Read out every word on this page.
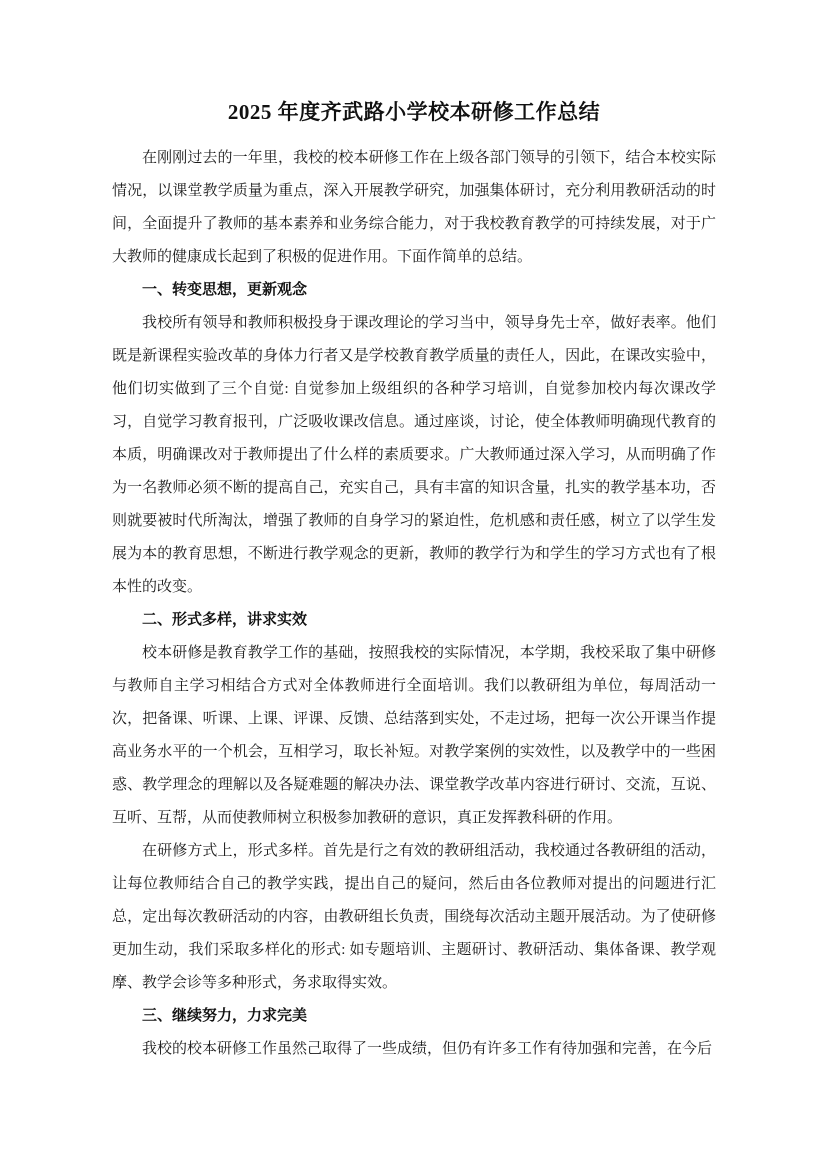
2025 年度齐武路小学校本研修工作总结

在刚刚过去的一年里，我校的校本研修工作在上级各部门领导的引领下，结合本校实际情况，以课堂教学质量为重点，深入开展教学研究，加强集体研讨，充分利用教研活动的时间，全面提升了教师的基本素养和业务综合能力，对于我校教育教学的可持续发展，对于广大教师的健康成长起到了积极的促进作用。下面作简单的总结。

一、转变思想，更新观念

我校所有领导和教师积极投身于课改理论的学习当中，领导身先士卒，做好表率。他们既是新课程实验改革的身体力行者又是学校教育教学质量的责任人，因此，在课改实验中，他们切实做到了三个自觉: 自觉参加上级组织的各种学习培训，自觉参加校内每次课改学习，自觉学习教育报刊，广泛吸收课改信息。通过座谈，讨论，使全体教师明确现代教育的本质，明确课改对于教师提出了什么样的素质要求。广大教师通过深入学习，从而明确了作为一名教师必须不断的提高自己，充实自己，具有丰富的知识含量，扎实的教学基本功，否则就要被时代所淘汰，增强了教师的自身学习的紧迫性，危机感和责任感，树立了以学生发展为本的教育思想，不断进行教学观念的更新，教师的教学行为和学生的学习方式也有了根本性的改变。

二、形式多样，讲求实效

校本研修是教育教学工作的基础，按照我校的实际情况，本学期，我校采取了集中研修与教师自主学习相结合方式对全体教师进行全面培训。我们以教研组为单位，每周活动一次，把备课、听课、上课、评课、反馈、总结落到实处，不走过场，把每一次公开课当作提高业务水平的一个机会，互相学习，取长补短。对教学案例的实效性，以及教学中的一些困惑、教学理念的理解以及各疑难题的解决办法、课堂教学改革内容进行研讨、交流，互说、互听、互帮，从而使教师树立积极参加教研的意识，真正发挥教科研的作用。

在研修方式上，形式多样。首先是行之有效的教研组活动，我校通过各教研组的活动，让每位教师结合自己的教学实践，提出自己的疑问，然后由各位教师对提出的问题进行汇总，定出每次教研活动的内容，由教研组长负责，围绕每次活动主题开展活动。为了使研修更加生动，我们采取多样化的形式: 如专题培训、主题研讨、教研活动、集体备课、教学观摩、教学会诊等多种形式，务求取得实效。

三、继续努力，力求完美

我校的校本研修工作虽然己取得了一些成绩，但仍有许多工作有待加强和完善，在今后
